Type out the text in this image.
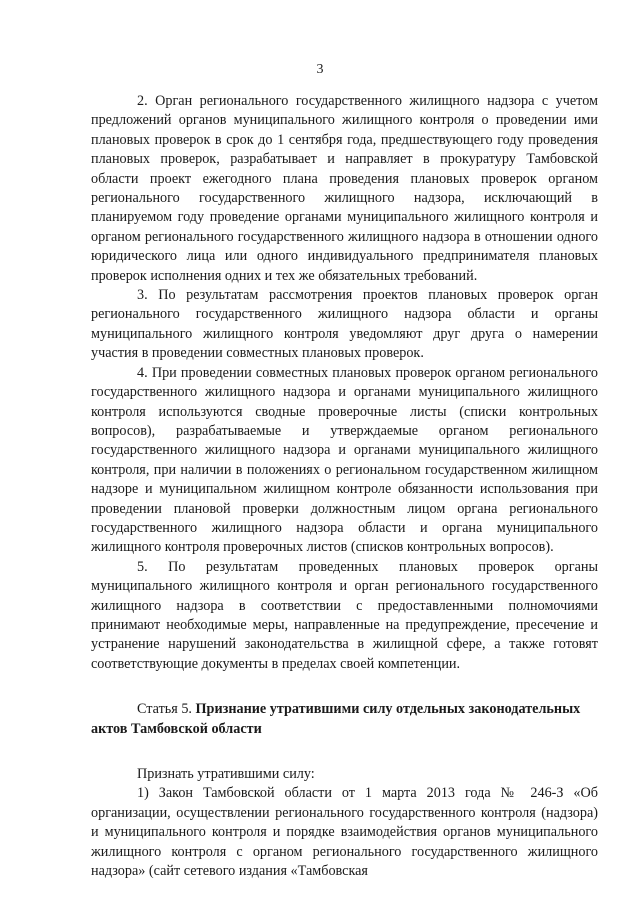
3

2. Орган регионального государственного жилищного надзора с учетом предложений органов муниципального жилищного контроля о проведении ими плановых проверок в срок до 1 сентября года, предшествующего году проведения плановых проверок, разрабатывает и направляет в прокуратуру Тамбовской области проект ежегодного плана проведения плановых проверок органом регионального государственного жилищного надзора, исключающий в планируемом году проведение органами муниципального жилищного контроля и органом регионального государственного жилищного надзора в отношении одного юридического лица или одного индивидуального предпринимателя плановых проверок исполнения одних и тех же обязательных требований.

3. По результатам рассмотрения проектов плановых проверок орган регионального государственного жилищного надзора области и органы муниципального жилищного контроля уведомляют друг друга о намерении участия в проведении совместных плановых проверок.

4. При проведении совместных плановых проверок органом регионального государственного жилищного надзора и органами муниципального жилищного контроля используются сводные проверочные листы (списки контрольных вопросов), разрабатываемые и утверждаемые органом регионального государственного жилищного надзора и органами муниципального жилищного контроля, при наличии в положениях о региональном государственном жилищном надзоре и муниципальном жилищном контроле обязанности использования при проведении плановой проверки должностным лицом органа регионального государственного жилищного надзора области и органа муниципального жилищного контроля проверочных листов (списков контрольных вопросов).

5. По результатам проведенных плановых проверок органы муниципального жилищного контроля и орган регионального государственного жилищного надзора в соответствии с предоставленными полномочиями принимают необходимые меры, направленные на предупреждение, пресечение и устранение нарушений законодательства в жилищной сфере, а также готовят соответствующие документы в пределах своей компетенции.

Статья 5. Признание утратившими силу отдельных законодательных актов Тамбовской области

Признать утратившими силу:

1) Закон Тамбовской области от 1 марта 2013 года № 246-З «Об организации, осуществлении регионального государственного контроля (надзора) и муниципального контроля и порядке взаимодействия органов муниципального жилищного контроля с органом регионального государственного жилищного надзора» (сайт сетевого издания «Тамбовская
